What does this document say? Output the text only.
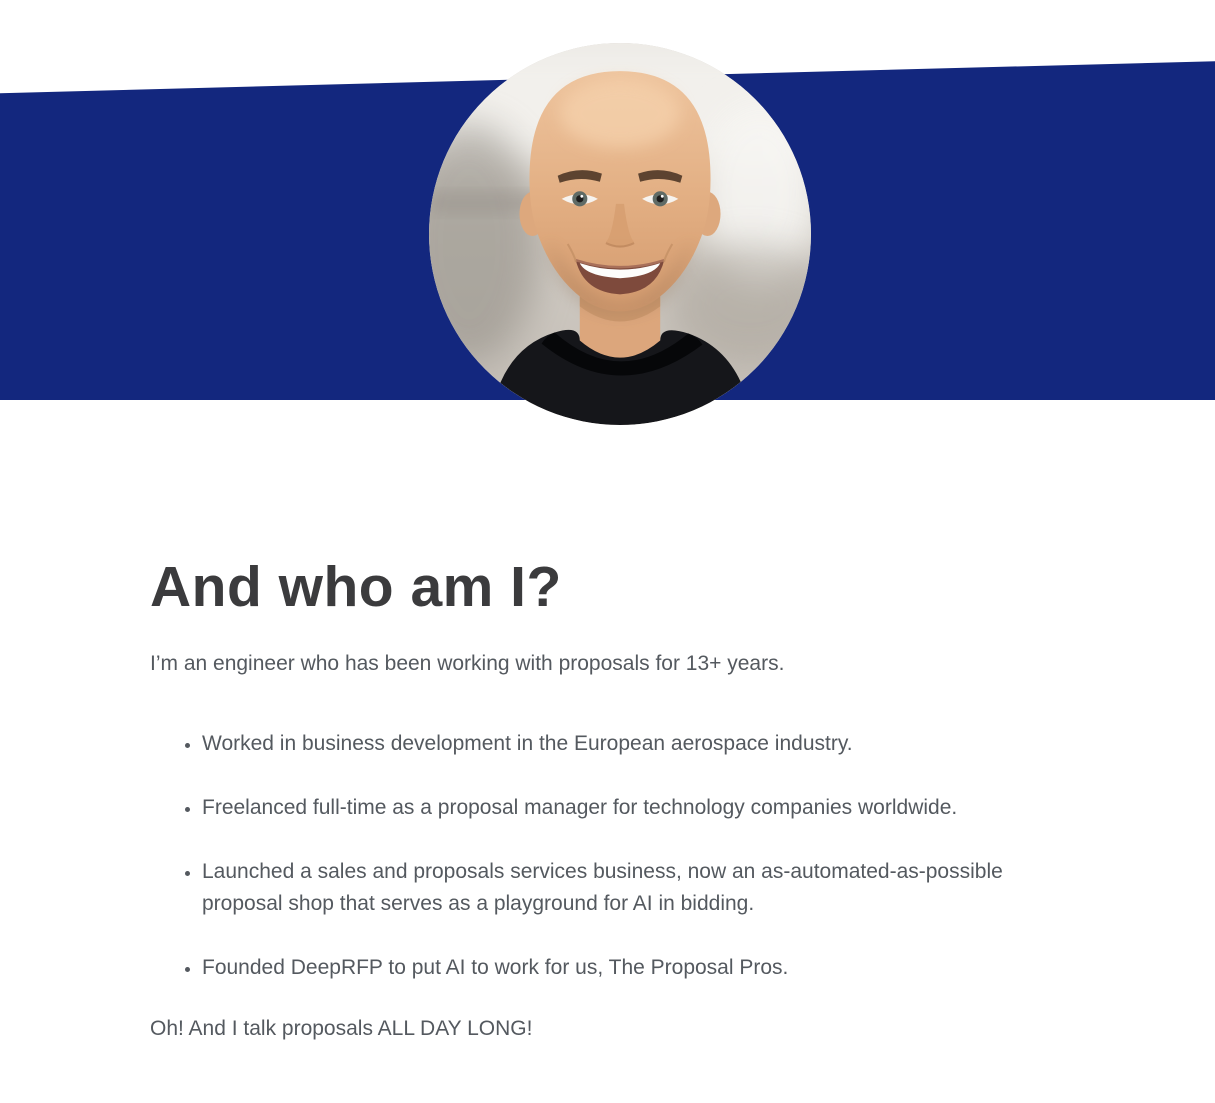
And who am I?

I’m an engineer who has been working with proposals for 13+ years.

• Worked in business development in the European aerospace industry.
• Freelanced full-time as a proposal manager for technology companies worldwide.
• Launched a sales and proposals services business, now an as-automated-as-possible proposal shop that serves as a playground for AI in bidding.
• Founded DeepRFP to put AI to work for us, The Proposal Pros.

Oh! And I talk proposals ALL DAY LONG!
